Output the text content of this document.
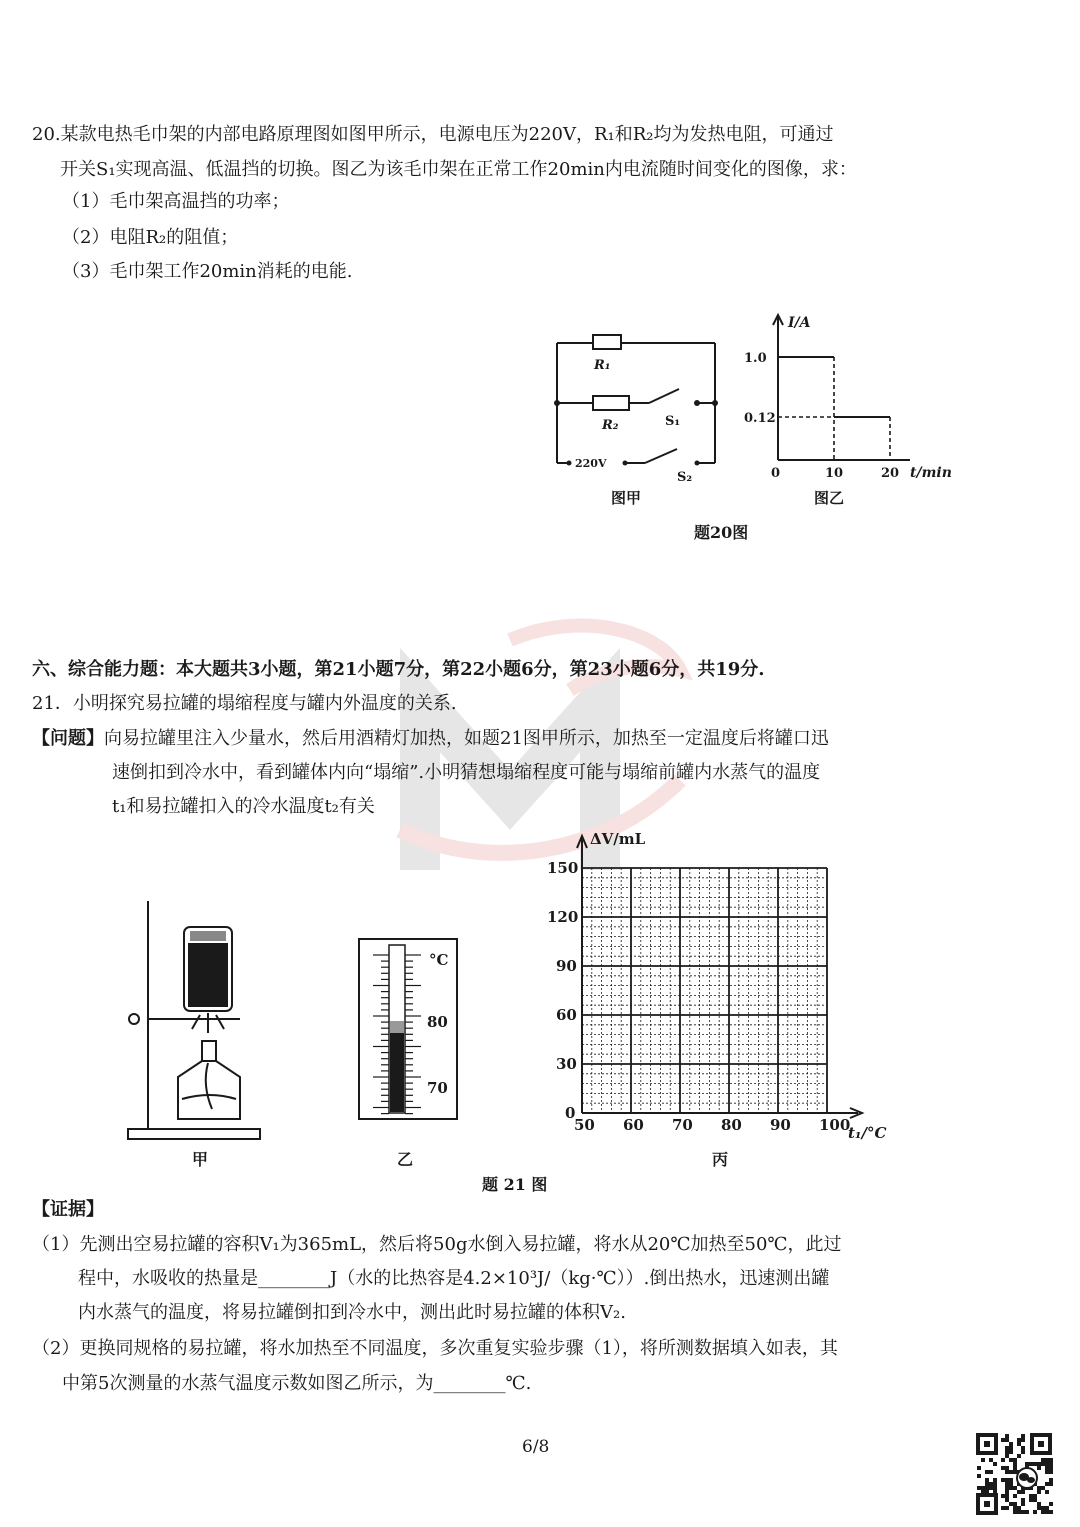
20.某款电热毛巾架的内部电路原理图如图甲所示，电源电压为220V，R₁和R₂均为发热电阻，可通过
开关S₁实现高温、低温挡的切换。图乙为该毛巾架在正常工作20min内电流随时间变化的图像，求：
（1）毛巾架高温挡的功率；
（2）电阻R₂的阻值；
（3）毛巾架工作20min消耗的电能.
R₁
R₂	S₁
S₂
220V
图甲
1.0
0.12
10	20
I/A
t/min
0
图乙
题20图
六、综合能力题：本大题共3小题，第21小题7分，第22小题6分，第23小题6分，共19分.
21．小明探究易拉罐的塌缩程度与罐内外温度的关系.
【问题】向易拉罐里注入少量水，然后用酒精灯加热，如题21图甲所示，加热至一定温度后将罐口迅
速倒扣到冷水中，看到罐体内向“塌缩”.小明猜想塌缩程度可能与塌缩前罐内水蒸气的温度
t₁和易拉罐扣入的冷水温度t₂有关
甲
°C
80
70
乙
50 60 70 80 90 100
0
30
60
90
120
150
ΔV/mL
t₁/°C
丙
题 21 图
【证据】
（1）先测出空易拉罐的容积V₁为365mL，然后将50g水倒入易拉罐，将水从20℃加热至50℃，此过
程中，水吸收的热量是________J（水的比热容是4.2×10³J/（kg·℃））.倒出热水，迅速测出罐
内水蒸气的温度，将易拉罐倒扣到冷水中，测出此时易拉罐的体积V₂.
（2）更换同规格的易拉罐，将水加热至不同温度，多次重复实验步骤（1），将所测数据填入如表，其
中第5次测量的水蒸气温度示数如图乙所示，为________℃.
6/8
